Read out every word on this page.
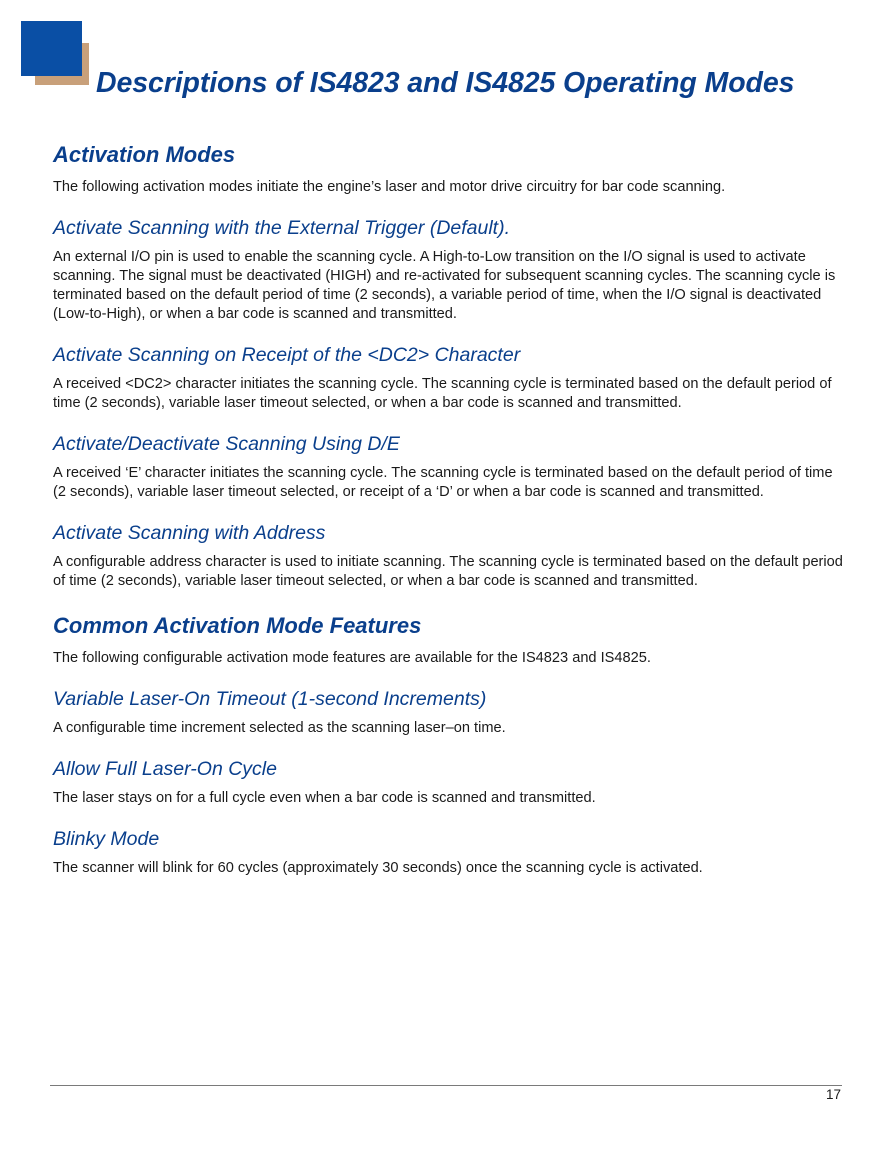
Descriptions of IS4823 and IS4825 Operating Modes
Activation Modes

The following activation modes initiate the engine’s laser and motor drive circuitry for bar code scanning.

Activate Scanning with the External Trigger (Default).

An external I/O pin is used to enable the scanning cycle. A High-to-Low transition on the I/O signal is used to activate scanning. The signal must be deactivated (HIGH) and re-activated for subsequent scanning cycles. The scanning cycle is terminated based on the default period of time (2 seconds), a variable period of time, when the I/O signal is deactivated (Low-to-High), or when a bar code is scanned and transmitted.

Activate Scanning on Receipt of the <DC2> Character

A received <DC2> character initiates the scanning cycle. The scanning cycle is terminated based on the default period of time (2 seconds), variable laser timeout selected, or when a bar code is scanned and transmitted.

Activate/Deactivate Scanning Using D/E

A received ‘E’ character initiates the scanning cycle. The scanning cycle is terminated based on the default period of time (2 seconds), variable laser timeout selected, or receipt of a ‘D’ or when a bar code is scanned and transmitted.

Activate Scanning with Address

A configurable address character is used to initiate scanning. The scanning cycle is terminated based on the default period of time (2 seconds), variable laser timeout selected, or when a bar code is scanned and transmitted.

Common Activation Mode Features

The following configurable activation mode features are available for the IS4823 and IS4825.

Variable Laser-On Timeout (1-second Increments)

A configurable time increment selected as the scanning laser–on time.

Allow Full Laser-On Cycle

The laser stays on for a full cycle even when a bar code is scanned and transmitted.

Blinky Mode

The scanner will blink for 60 cycles (approximately 30 seconds) once the scanning cycle is activated.

17
